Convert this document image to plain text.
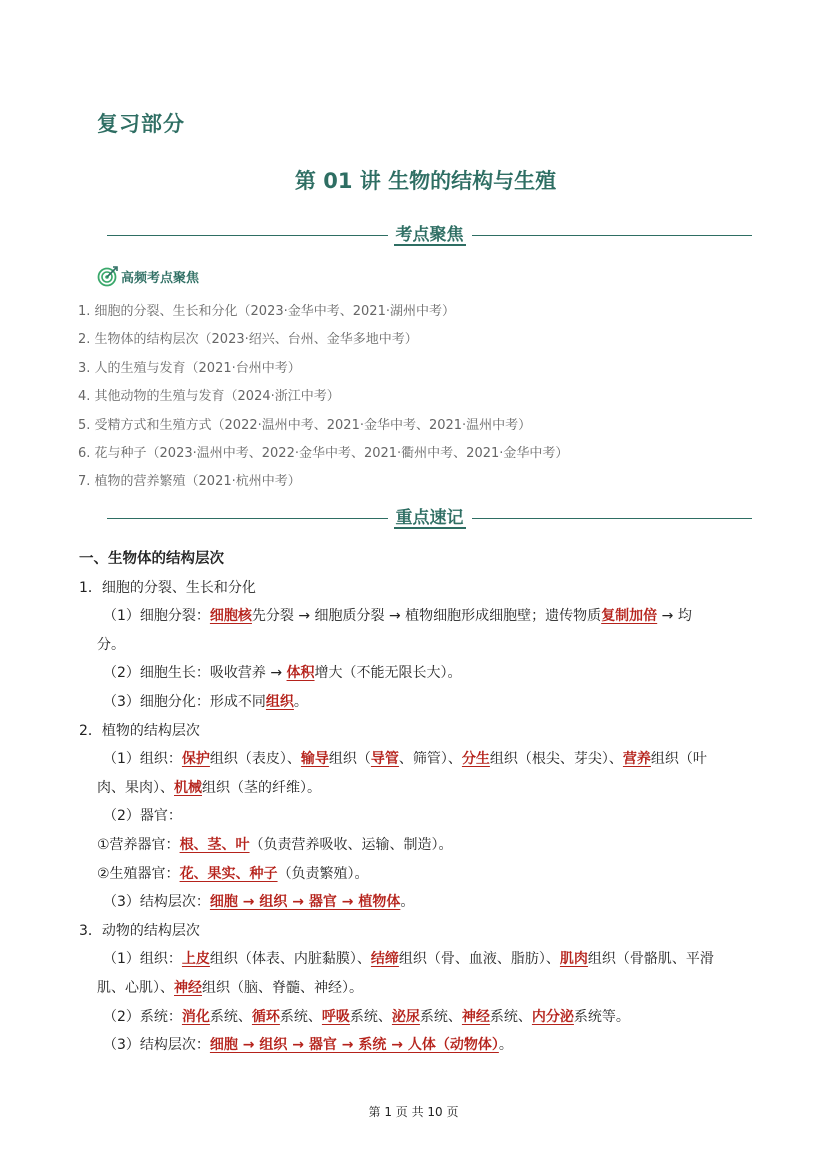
复习部分
第 01 讲 生物的结构与生殖
考点聚焦
高频考点聚焦
1. 细胞的分裂、生长和分化（2023·金华中考、2021·湖州中考）
2. 生物体的结构层次（2023·绍兴、台州、金华多地中考）
3. 人的生殖与发育（2021·台州中考）
4. 其他动物的生殖与发育（2024·浙江中考）
5. 受精方式和生殖方式（2022·温州中考、2021·金华中考、2021·温州中考）
6. 花与种子（2023·温州中考、2022·金华中考、2021·衢州中考、2021·金华中考）
7. 植物的营养繁殖（2021·杭州中考）
重点速记
一、生物体的结构层次
1．细胞的分裂、生长和分化
（1）细胞分裂：细胞核先分裂 → 细胞质分裂 → 植物细胞形成细胞壁；遗传物质复制加倍 → 均
分。
（2）细胞生长：吸收营养 → 体积增大（不能无限长大）。
（3）细胞分化：形成不同组织。
2．植物的结构层次
（1）组织：保护组织（表皮）、输导组织（导管、筛管）、分生组织（根尖、芽尖）、营养组织（叶
肉、果肉）、机械组织（茎的纤维）。
（2）器官：
①营养器官：根、茎、叶（负责营养吸收、运输、制造）。
②生殖器官：花、果实、种子（负责繁殖）。
（3）结构层次：细胞 → 组织 → 器官 → 植物体。
3．动物的结构层次
（1）组织：上皮组织（体表、内脏黏膜）、结缔组织（骨、血液、脂肪）、肌肉组织（骨骼肌、平滑
肌、心肌）、神经组织（脑、脊髓、神经）。
（2）系统：消化系统、循环系统、呼吸系统、泌尿系统、神经系统、内分泌系统等。
（3）结构层次：细胞 → 组织 → 器官 → 系统 → 人体（动物体）。
第 1 页 共 10 页
